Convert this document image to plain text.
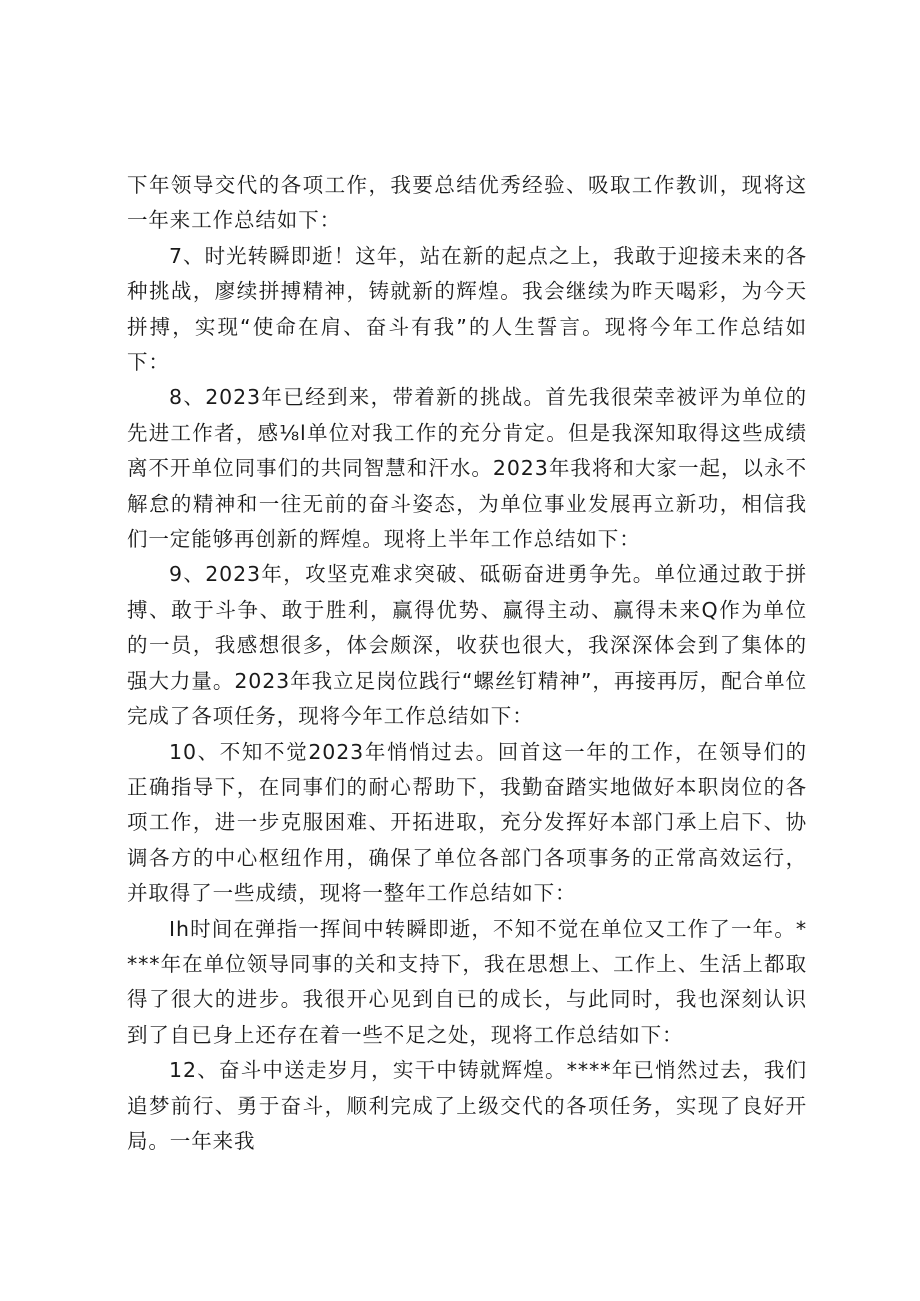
下年领导交代的各项工作，我要总结优秀经验、吸取工作教训，现将这一年来工作总结如下：

7、时光转瞬即逝！这年，站在新的起点之上，我敢于迎接未来的各种挑战，廖续拼搏精神，铸就新的辉煌。我会继续为昨天喝彩，为今天拼搏，实现“使命在肩、奋斗有我”的人生誓言。现将今年工作总结如下：

8、2023年已经到来，带着新的挑战。首先我很荣幸被评为单位的先进工作者，感⅛l单位对我工作的充分肯定。但是我深知取得这些成绩离不开单位同事们的共同智慧和汗水。2023年我将和大家一起，以永不解怠的精神和一往无前的奋斗姿态，为单位事业发展再立新功，相信我们一定能够再创新的辉煌。现将上半年工作总结如下：

9、2023年，攻坚克难求突破、砥砺奋进勇争先。单位通过敢于拼搏、敢于斗争、敢于胜利，赢得优势、赢得主动、赢得未来Q作为单位的一员，我感想很多，体会颇深，收获也很大，我深深体会到了集体的强大力量。2023年我立足岗位践行“螺丝钉精神”，再接再厉，配合单位完成了各项任务，现将今年工作总结如下：

10、不知不觉2023年悄悄过去。回首这一年的工作，在领导们的正确指导下，在同事们的耐心帮助下，我勤奋踏实地做好本职岗位的各项工作，进一步克服困难、开拓进取，充分发挥好本部门承上启下、协调各方的中心枢纽作用，确保了单位各部门各项事务的正常高效运行，并取得了一些成绩，现将一整年工作总结如下：

Ih时间在弹指一挥间中转瞬即逝，不知不觉在单位又工作了一年。****年在单位领导同事的关和支持下，我在思想上、工作上、生活上都取得了很大的进步。我很开心见到自已的成长，与此同时，我也深刻认识到了自已身上还存在着一些不足之处，现将工作总结如下：

12、奋斗中送走岁月，实干中铸就辉煌。****年已悄然过去，我们追梦前行、勇于奋斗，顺利完成了上级交代的各项任务，实现了良好开局。一年来我
